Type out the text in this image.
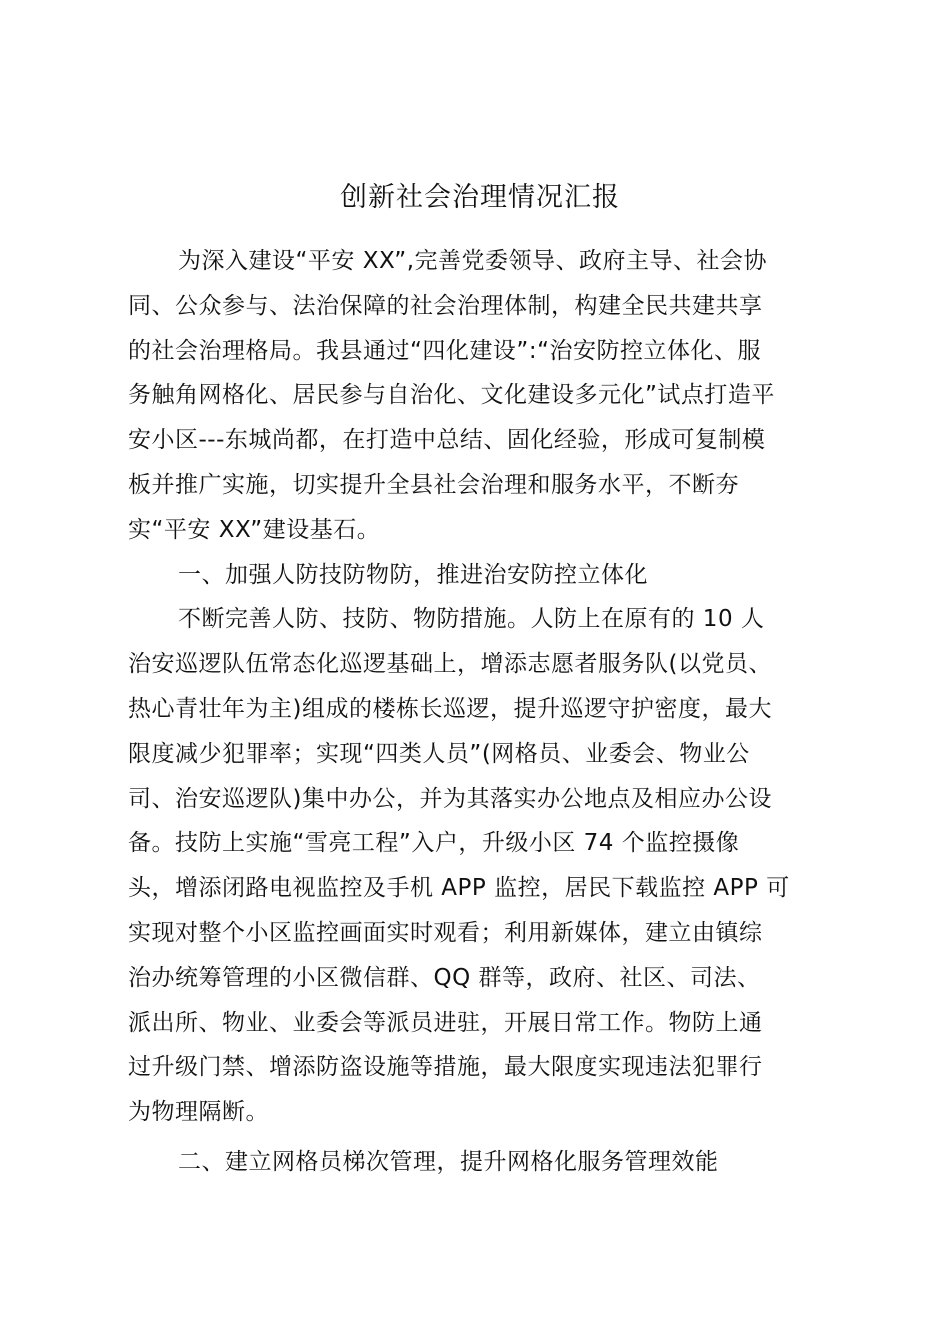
创新社会治理情况汇报
为深入建设“平安 XX”,完善党委领导、政府主导、社会协
同、公众参与、法治保障的社会治理体制，构建全民共建共享
的社会治理格局。我县通过“四化建设”:“治安防控立体化、服
务触角网格化、居民参与自治化、文化建设多元化”试点打造平
安小区---东城尚都，在打造中总结、固化经验，形成可复制模
板并推广实施，切实提升全县社会治理和服务水平，不断夯
实“平安 XX”建设基石。
一、加强人防技防物防，推进治安防控立体化
不断完善人防、技防、物防措施。人防上在原有的 10 人
治安巡逻队伍常态化巡逻基础上，增添志愿者服务队(以党员、
热心青壮年为主)组成的楼栋长巡逻，提升巡逻守护密度，最大
限度减少犯罪率；实现“四类人员”(网格员、业委会、物业公
司、治安巡逻队)集中办公，并为其落实办公地点及相应办公设
备。技防上实施“雪亮工程”入户，升级小区 74 个监控摄像
头，增添闭路电视监控及手机 APP 监控，居民下载监控 APP 可
实现对整个小区监控画面实时观看；利用新媒体，建立由镇综
治办统筹管理的小区微信群、QQ 群等，政府、社区、司法、
派出所、物业、业委会等派员进驻，开展日常工作。物防上通
过升级门禁、增添防盗设施等措施，最大限度实现违法犯罪行
为物理隔断。
二、建立网格员梯次管理，提升网格化服务管理效能
